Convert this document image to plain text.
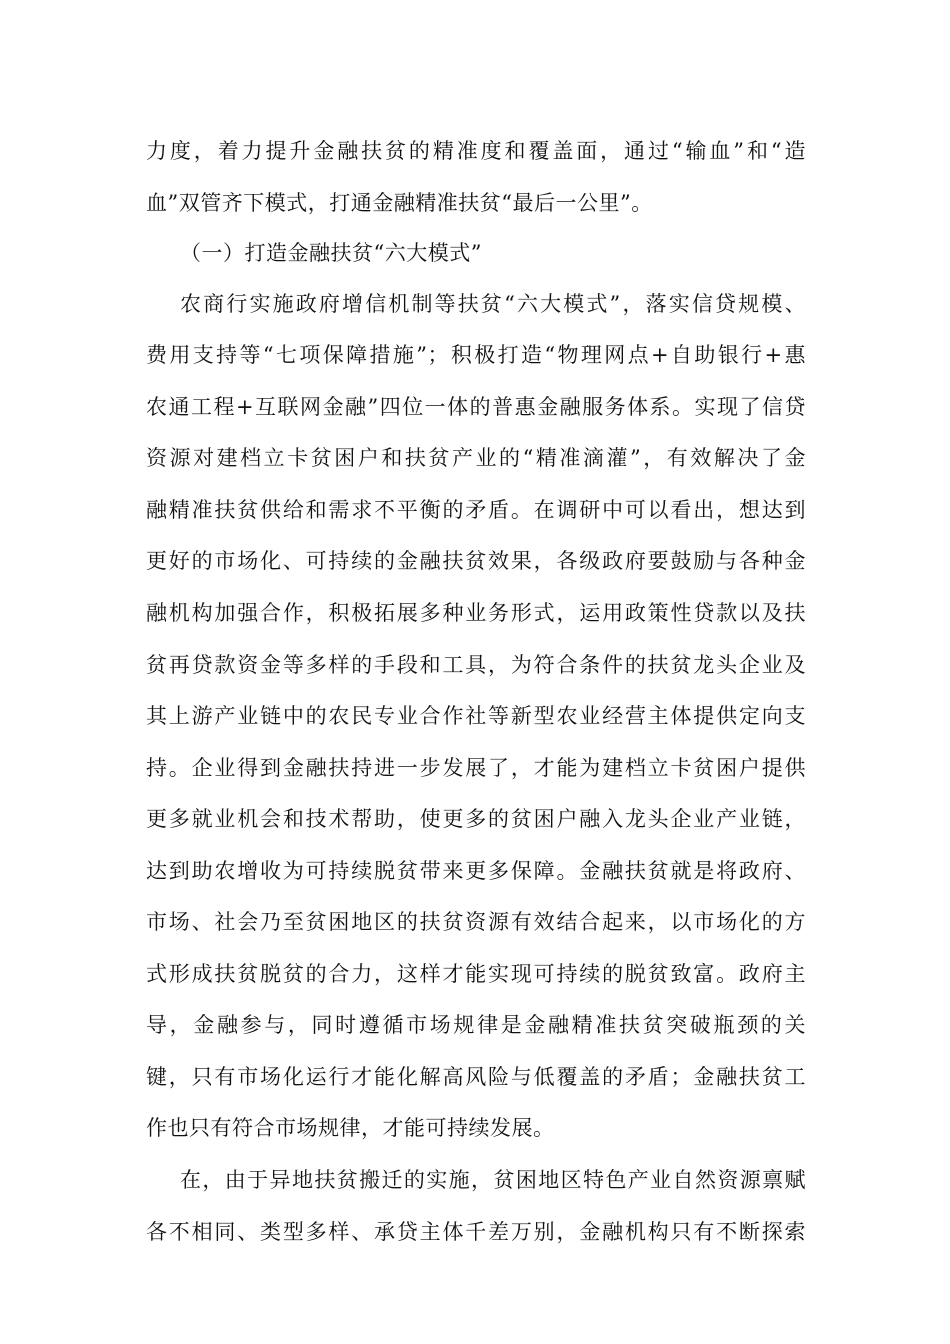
力度，着力提升金融扶贫的精准度和覆盖面，通过“输血”和“造
血”双管齐下模式，打通金融精准扶贫“最后一公里”。
（一）打造金融扶贫“六大模式”
农商行实施政府增信机制等扶贫“六大模式”，落实信贷规模、
费用支持等“七项保障措施”；积极打造“物理网点+自助银行+惠
农通工程+互联网金融”四位一体的普惠金融服务体系。实现了信贷
资源对建档立卡贫困户和扶贫产业的“精准滴灌”，有效解决了金
融精准扶贫供给和需求不平衡的矛盾。在调研中可以看出，想达到
更好的市场化、可持续的金融扶贫效果，各级政府要鼓励与各种金
融机构加强合作，积极拓展多种业务形式，运用政策性贷款以及扶
贫再贷款资金等多样的手段和工具，为符合条件的扶贫龙头企业及
其上游产业链中的农民专业合作社等新型农业经营主体提供定向支
持。企业得到金融扶持进一步发展了，才能为建档立卡贫困户提供
更多就业机会和技术帮助，使更多的贫困户融入龙头企业产业链，
达到助农增收为可持续脱贫带来更多保障。金融扶贫就是将政府、
市场、社会乃至贫困地区的扶贫资源有效结合起来，以市场化的方
式形成扶贫脱贫的合力，这样才能实现可持续的脱贫致富。政府主
导，金融参与，同时遵循市场规律是金融精准扶贫突破瓶颈的关
键，只有市场化运行才能化解高风险与低覆盖的矛盾；金融扶贫工
作也只有符合市场规律，才能可持续发展。
在，由于异地扶贫搬迁的实施，贫困地区特色产业自然资源禀赋
各不相同、类型多样、承贷主体千差万别，金融机构只有不断探索
